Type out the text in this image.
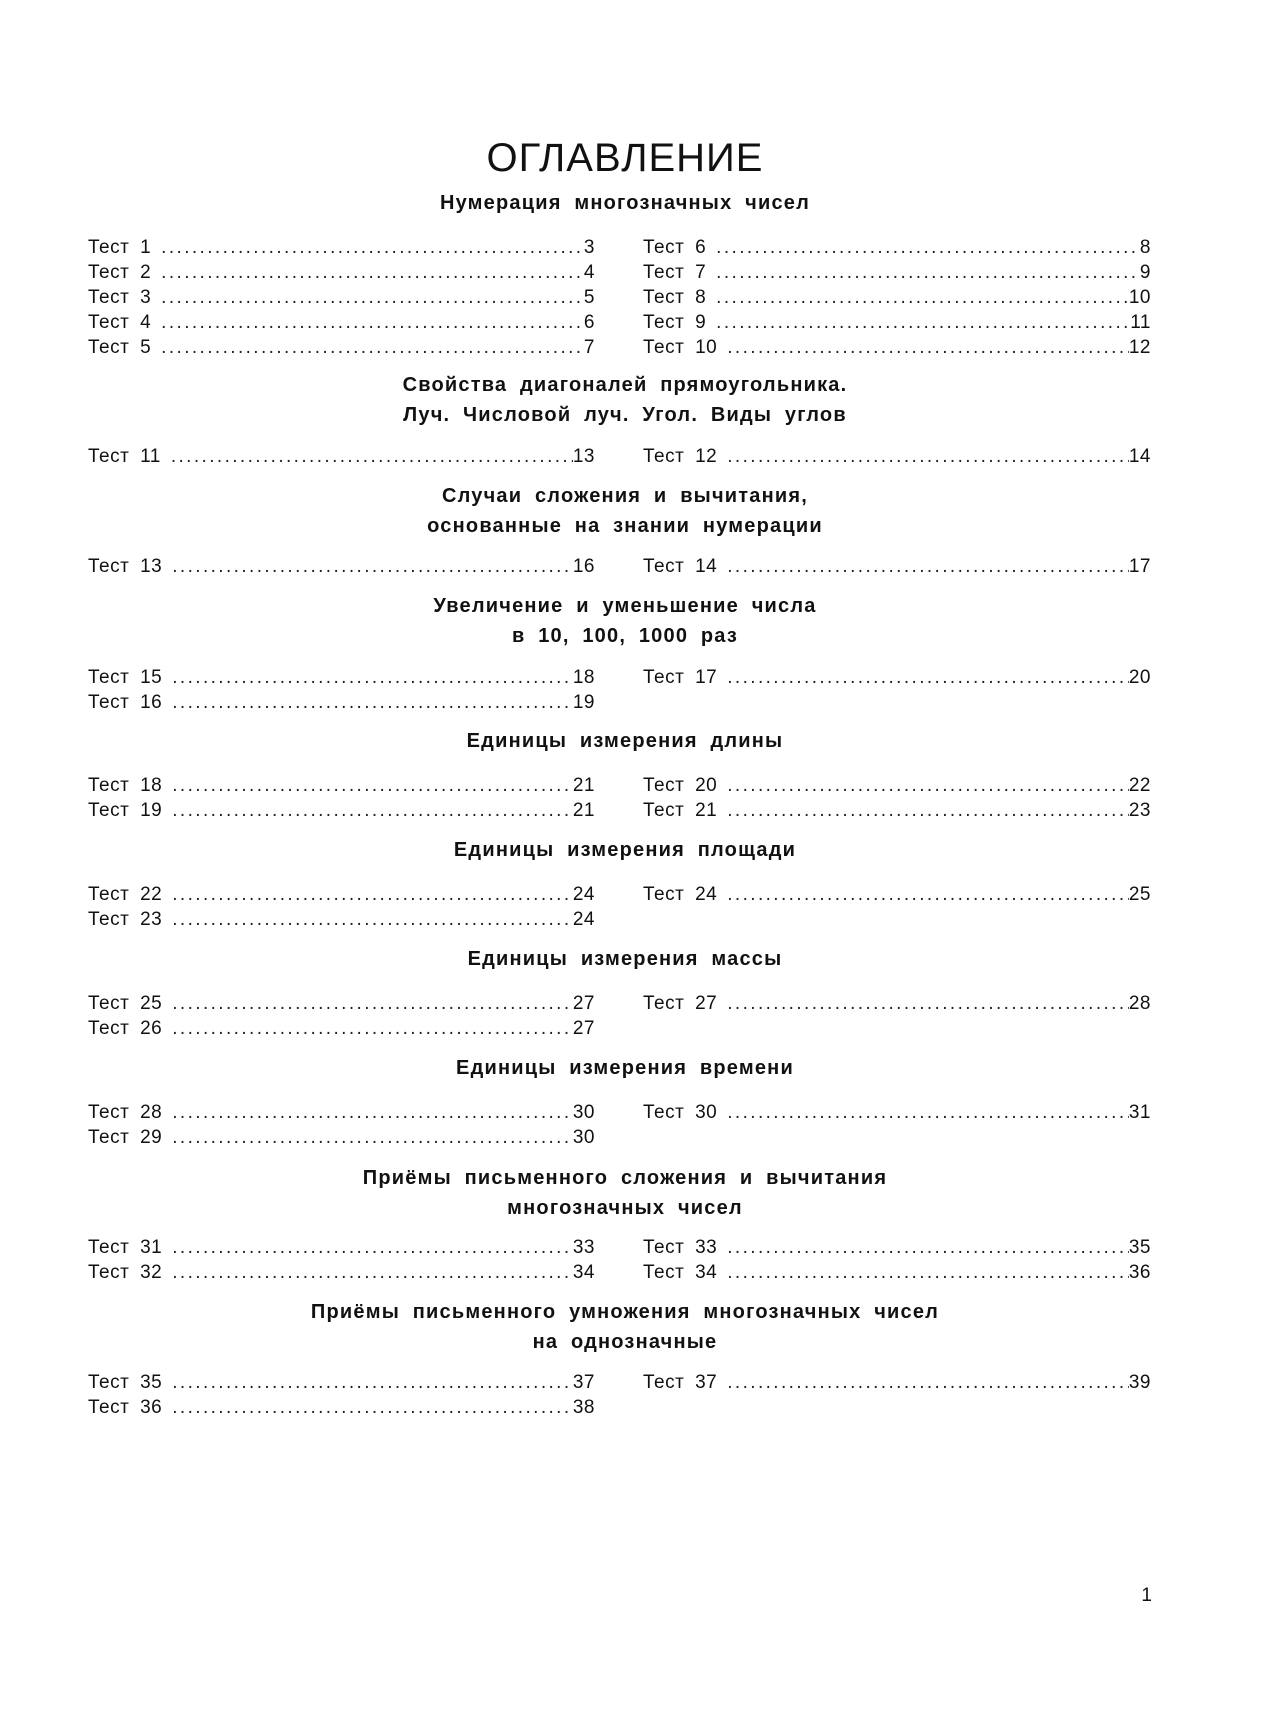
ОГЛАВЛЕНИЕ
Нумерация многозначных чисел
Тест 1 .....	3
Тест 2 .....	4
Тест 3 .....	5
Тест 4 .....	6
Тест 5 .....	7
Тест 6 .....	8
Тест 7 .....	9
Тест 8 .....	10
Тест 9 .....	11
Тест 10 .....	12
Свойства диагоналей прямоугольника.
Луч. Числовой луч. Угол. Виды углов
Тест 11 .....	13	Тест 12 .....	14
Случаи сложения и вычитания,
основанные на знании нумерации
Тест 13 .....	16	Тест 14 .....	17
Увеличение и уменьшение числа
в 10, 100, 1000 раз
Тест 15 .....	18
Тест 16 .....	19
Тест 17 .....	20
Единицы измерения длины
Тест 18 .....	21
Тест 19 .....	21
Тест 20 .....	22
Тест 21 .....	23
Единицы измерения площади
Тест 22 .....	24
Тест 23 .....	24
Тест 24 .....	25
Единицы измерения массы
Тест 25 .....	27
Тест 26 .....	27
Тест 27 .....	28
Единицы измерения времени
Тест 28 .....	30
Тест 29 .....	30
Тест 30 .....	31
Приёмы письменного сложения и вычитания
многозначных чисел
Тест 31 .....	33
Тест 32 .....	34
Тест 33 .....	35
Тест 34 .....	36
Приёмы письменного умножения многозначных чисел
на однозначные
Тест 35 .....	37
Тест 36 .....	38
Тест 37 .....	39
1
